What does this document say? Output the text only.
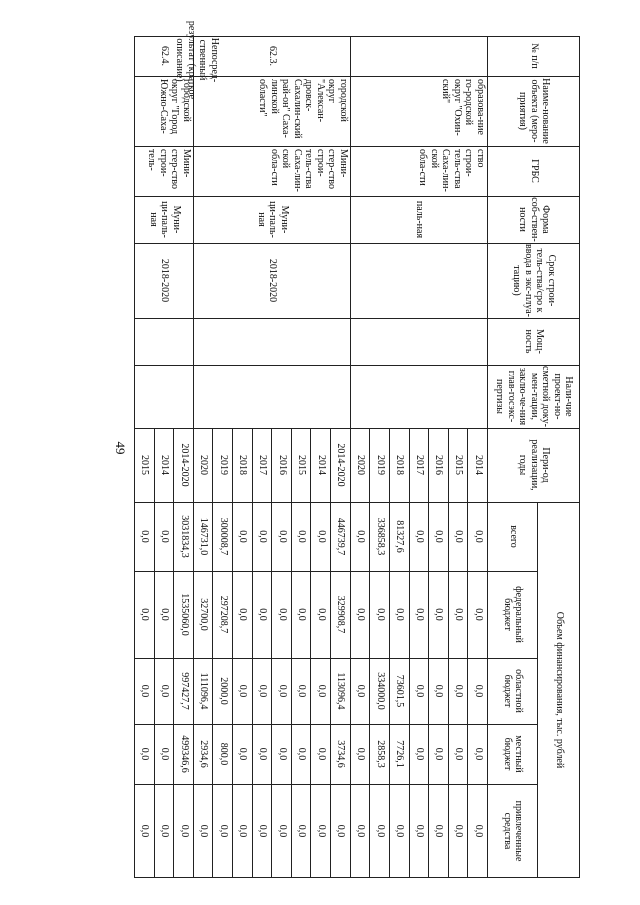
49
№ п/п
Наиме-нование объекта (меро-приятия)
ГРБС
Форма соб-ствен-ности
Срок строи-тель-ства/сро к ввода в экс-плуа-тацию)
Мощ-ность
Нали-чие проект-но-сметной доку-мен-тации, заклю-че-ния глав-госэкс-пертизы
Пери-од реализации, годы
Объем финансирования, тыс. рублей
всего
федеральный бюджет
областной бюджет
местный бюджет
привлеченные средства
образова-ние го-родской округ "Охин-ский"
ство строи-тель-ства Саха-лин-ской обла-сти
паль-ная
2014
0,0
0,0
0,0
0,0
0,0
2015
0,0
0,0
0,0
0,0
0,0
2016
0,0
0,0
0,0
0,0
0,0
2017
0,0
0,0
0,0
0,0
0,0
2018
81327,6
0,0
73601,5
7726,1
0,0
2019
336858,3
0,0
334000,0
2858,3
0,0
2020
0,0
0,0
0,0
0,0
0,0
62.3.
городской округ "Алексан-дровск-Сахалин-ский рай-он" Саха-линской области"
Мини-стер-ство строи-тель-ства Саха-лин-ской обла-сти
Муни-ци-паль-ная
2018-2020
2014-2020
446739,7
329908,7
113096,4
3734,6
0,0
2014
0,0
0,0
0,0
0,0
0,0
2015
0,0
0,0
0,0
0,0
0,0
2016
0,0
0,0
0,0
0,0
0,0
2017
0,0
0,0
0,0
0,0
0,0
2018
0,0
0,0
0,0
0,0
0,0
2019
300008,7
297208,7
2000,0
800,0
0,0
2020
146731,0
32700,0
111096,4
2934,6
0,0
62.4.
городской округ "Город Южно-Саха-
Мини-стер-ство строи-тель-
Муни-ци-паль-ная
2018-2020
2014-2020
3031834,3
1535060,0
997427,7
499346,6
0,0
2014
0,0
0,0
0,0
0,0
0,0
2015
0,0
0,0
0,0
0,0
0,0
Непосред-ственный результат (краткое описание)
